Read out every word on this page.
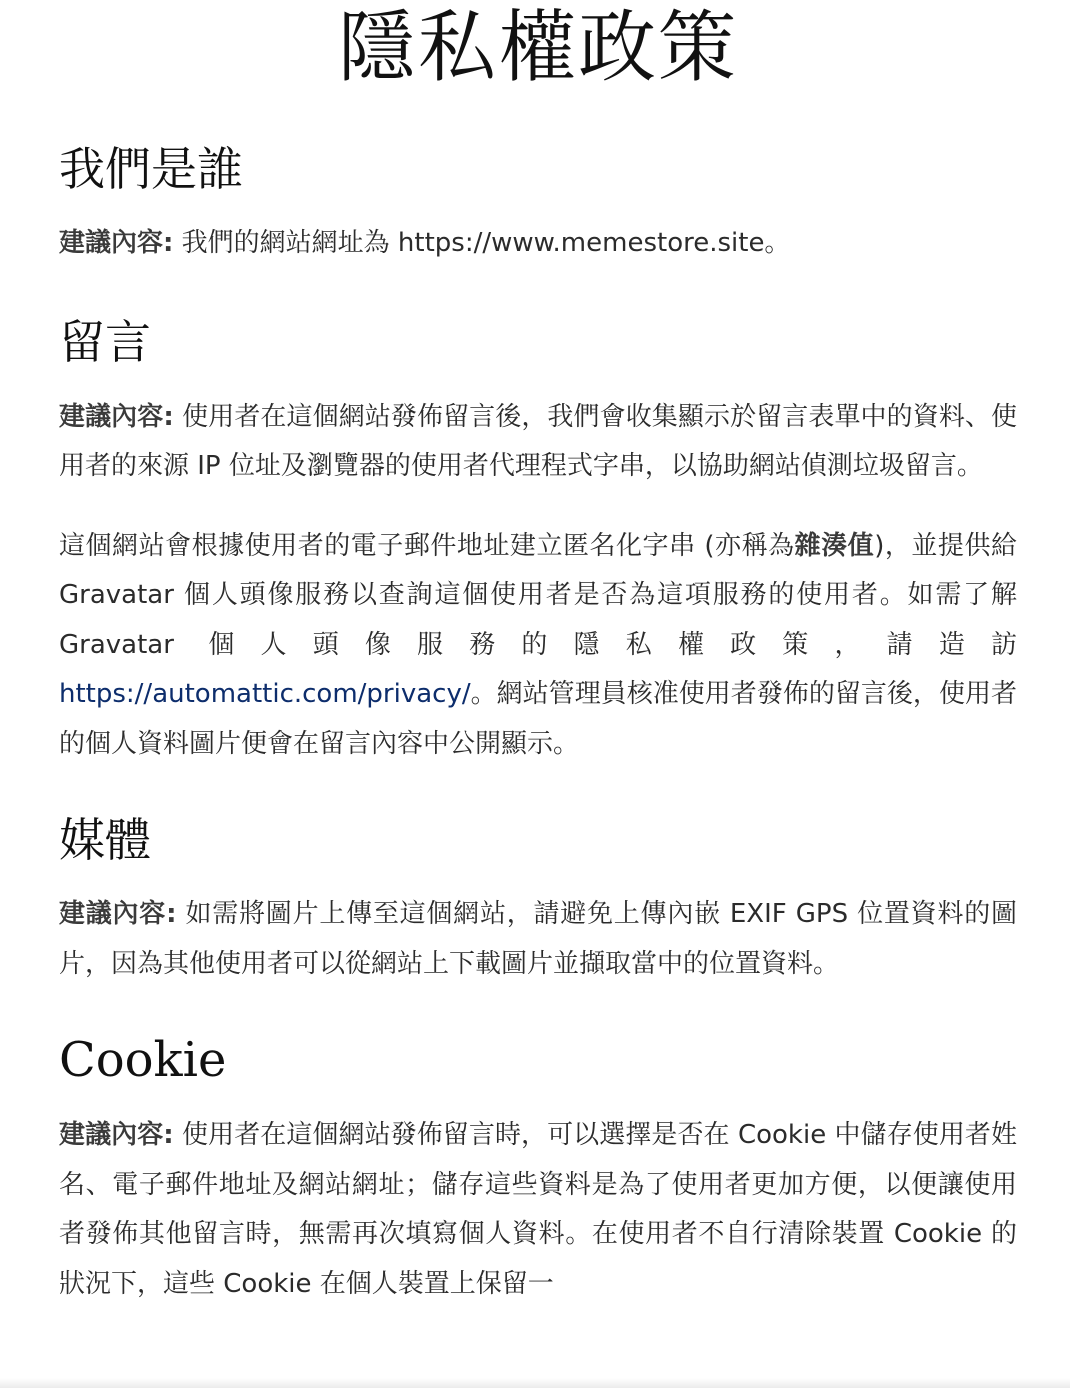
隱私權政策
我們是誰

建議內容: 我們的網站網址為 https://www.memestore.site。

留言

建議內容: 使用者在這個網站發佈留言後，我們會收集顯示於留言表單中的資料、使用者的來源 IP 位址及瀏覽器的使用者代理程式字串，以協助網站偵測垃圾留言。

這個網站會根據使用者的電子郵件地址建立匿名化字串 (亦稱為雜湊值)，並提供給 Gravatar 個人頭像服務以查詢這個使用者是否為這項服務的使用者。如需了解 Gravatar 個人頭像服務的隱私權政策，請造訪 https://automattic.com/privacy/。網站管理員核准使用者發佈的留言後，使用者的個人資料圖片便會在留言內容中公開顯示。

媒體

建議內容: 如需將圖片上傳至這個網站，請避免上傳內嵌 EXIF GPS 位置資料的圖片，因為其他使用者可以從網站上下載圖片並擷取當中的位置資料。

Cookie

建議內容: 使用者在這個網站發佈留言時，可以選擇是否在 Cookie 中儲存使用者姓名、電子郵件地址及網站網址；儲存這些資料是為了使用者更加方便，以便讓使用者發佈其他留言時，無需再次填寫個人資料。在使用者不自行清除裝置 Cookie 的狀況下，這些 Cookie 在個人裝置上保留一
